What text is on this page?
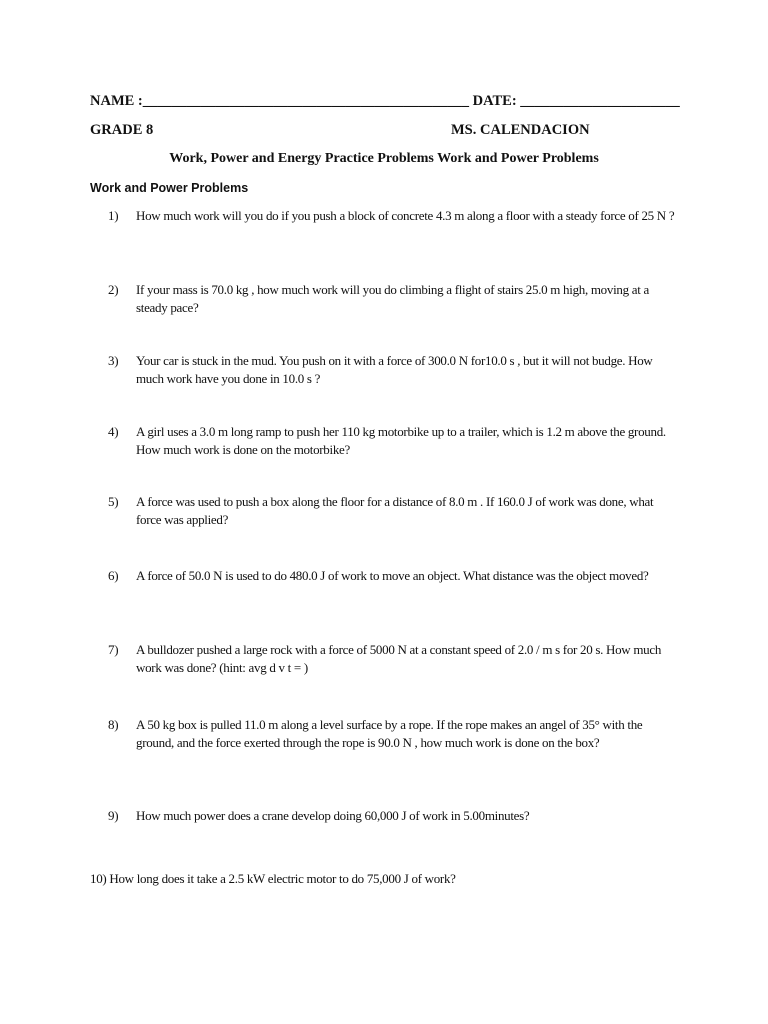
NAME :_____________________________________________ DATE: ______________________
GRADE 8	MS. CALENDACION
Work, Power and Energy Practice Problems Work and Power Problems
Work and Power Problems
1)	How much work will you do if you push a block of concrete 4.3 m along a floor with a steady force of 25 N ?
2)	If your mass is 70.0 kg , how much work will you do climbing a flight of stairs 25.0 m high, moving at a steady pace?
3)	Your car is stuck in the mud. You push on it with a force of 300.0 N for10.0 s , but it will not budge. How much work have you done in 10.0 s ?
4)	A girl uses a 3.0 m long ramp to push her 110 kg motorbike up to a trailer, which is 1.2 m above the ground. How much work is done on the motorbike?
5)	A force was used to push a box along the floor for a distance of 8.0 m . If 160.0 J of work was done, what force was applied?
6)	A force of 50.0 N is used to do 480.0 J of work to move an object. What distance was the object moved?
7)	A bulldozer pushed a large rock with a force of 5000 N at a constant speed of 2.0 / m s for 20 s. How much work was done? (hint: avg d v t = )
8)	A 50 kg box is pulled 11.0 m along a level surface by a rope. If the rope makes an angel of 35° with the ground, and the force exerted through the rope is 90.0 N , how much work is done on the box?
9)	How much power does a crane develop doing 60,000 J of work in 5.00minutes?
10) How long does it take a 2.5 kW electric motor to do 75,000 J of work?
